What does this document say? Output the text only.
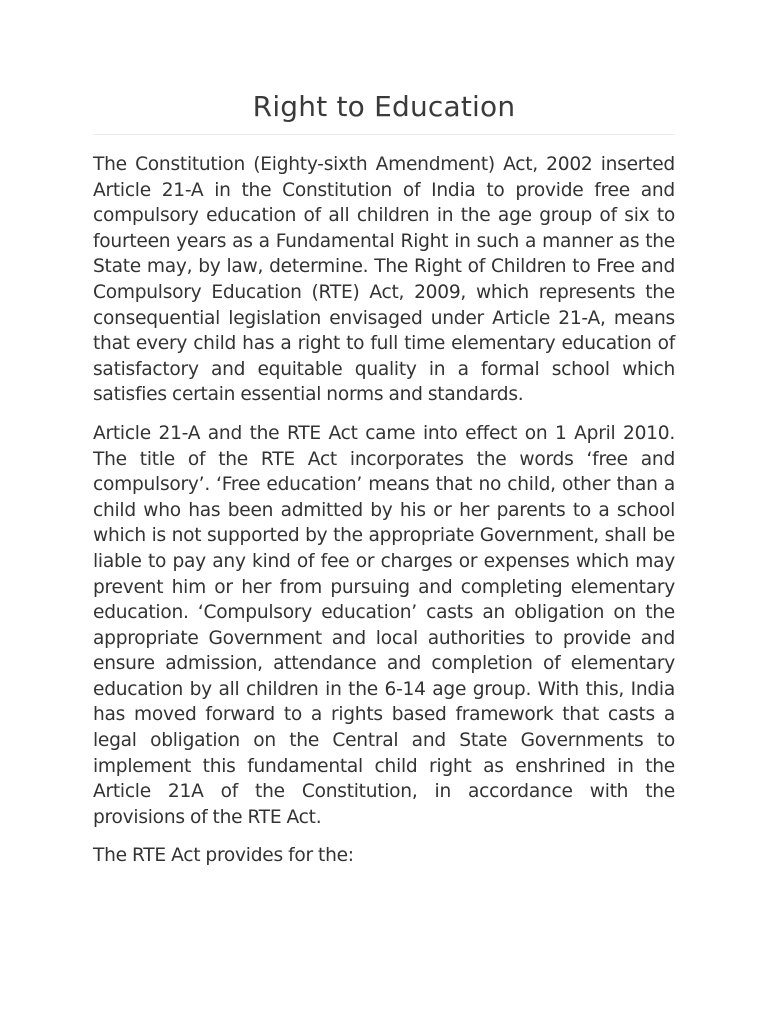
Right to Education

The Constitution (Eighty-sixth Amendment) Act, 2002 inserted Article 21-A in the Constitution of India to provide free and compulsory education of all children in the age group of six to fourteen years as a Fundamental Right in such a manner as the State may, by law, determine. The Right of Children to Free and Compulsory Education (RTE) Act, 2009, which represents the consequential legislation envisaged under Article 21-A, means that every child has a right to full time elementary education of satisfactory and equitable quality in a formal school which satisfies certain essential norms and standards.

Article 21-A and the RTE Act came into effect on 1 April 2010. The title of the RTE Act incorporates the words ‘free and compulsory’. ‘Free education’ means that no child, other than a child who has been admitted by his or her parents to a school which is not supported by the appropriate Government, shall be liable to pay any kind of fee or charges or expenses which may prevent him or her from pursuing and completing elementary education. ‘Compulsory education’ casts an obligation on the appropriate Government and local authorities to provide and ensure admission, attendance and completion of elementary education by all children in the 6-14 age group. With this, India has moved forward to a rights based framework that casts a legal obligation on the Central and State Governments to implement this fundamental child right as enshrined in the Article 21A of the Constitution, in accordance with the provisions of the RTE Act.

The RTE Act provides for the:
